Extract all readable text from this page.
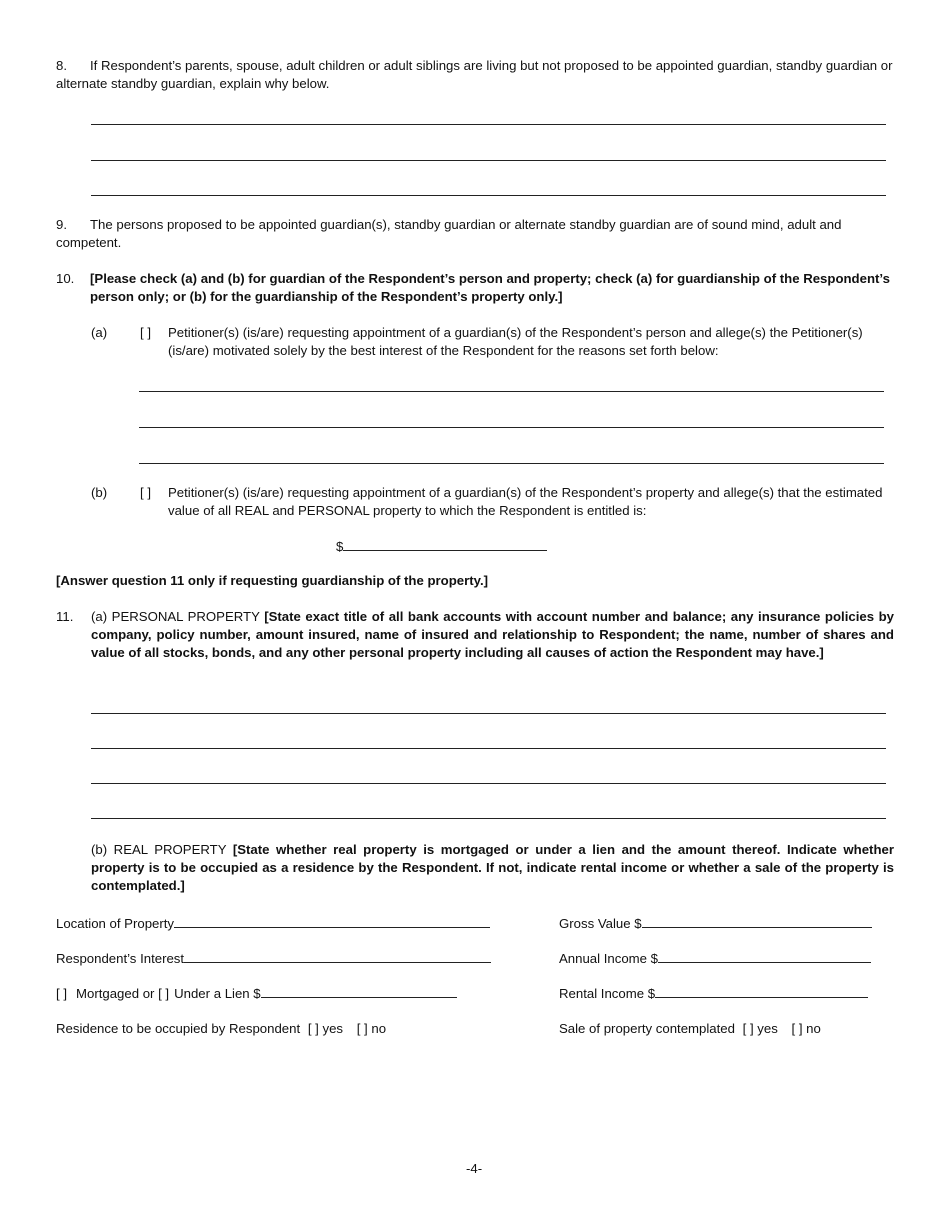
8. If Respondent’s parents, spouse, adult children or adult siblings are living but not proposed to be appointed guardian, standby guardian or alternate standby guardian, explain why below.
9. The persons proposed to be appointed guardian(s), standby guardian or alternate standby guardian are of sound mind, adult and competent.
10. [Please check (a) and (b) for guardian of the Respondent’s person and property; check (a) for guardianship of the Respondent’s person only; or (b) for the guardianship of the Respondent’s property only.]
(a) [ ] Petitioner(s) (is/are) requesting appointment of a guardian(s) of the Respondent’s person and allege(s) the Petitioner(s) (is/are) motivated solely by the best interest of the Respondent for the reasons set forth below:
(b) [ ] Petitioner(s) (is/are) requesting appointment of a guardian(s) of the Respondent’s property and allege(s) that the estimated value of all REAL and PERSONAL property to which the Respondent is entitled is:
$
[Answer question 11 only if requesting guardianship of the property.]
11. (a) PERSONAL PROPERTY [State exact title of all bank accounts with account number and balance; any insurance policies by company, policy number, amount insured, name of insured and relationship to Respondent; the name, number of shares and value of all stocks, bonds, and any other personal property including all causes of action the Respondent may have.]
(b) REAL PROPERTY [State whether real property is mortgaged or under a lien and the amount thereof. Indicate whether property is to be occupied as a residence by the Respondent. If not, indicate rental income or whether a sale of the property is contemplated.]
Location of Property	Gross Value $
Respondent’s Interest	Annual Income $
[ ] Mortgaged or [ ] Under a Lien $	Rental Income $
Residence to be occupied by Respondent [ ] yes [ ] no	Sale of property contemplated [ ] yes [ ] no
-4-
